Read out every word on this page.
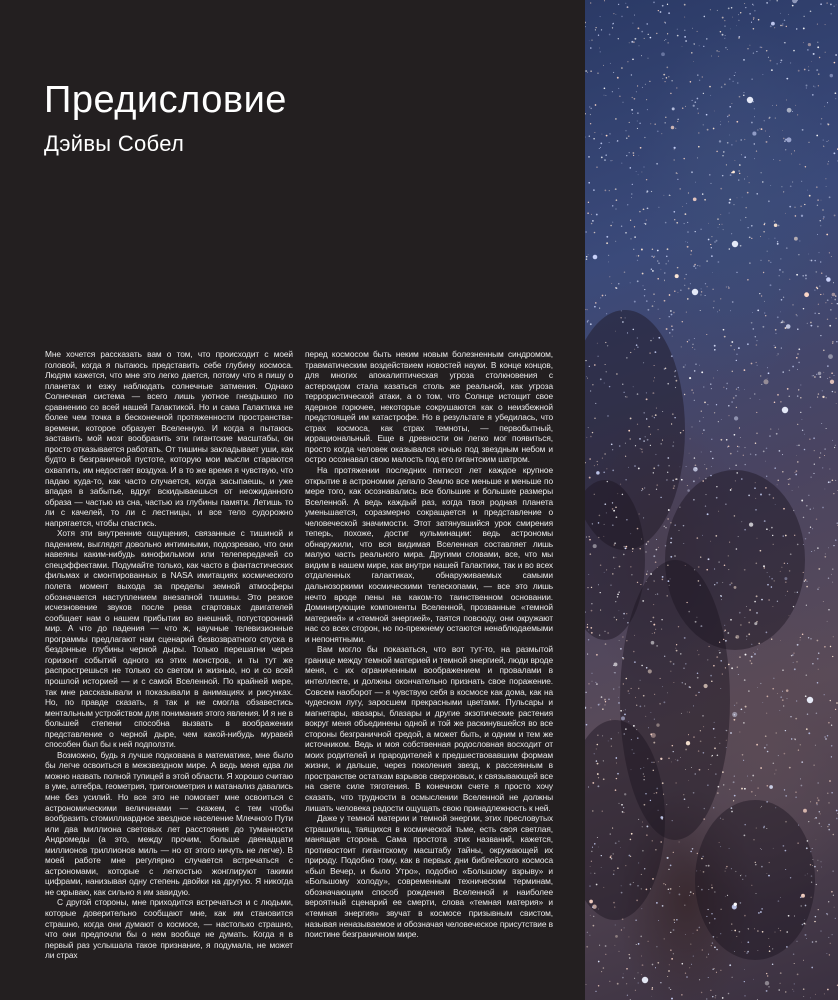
Предисловие
Дэйвы Собел

Мне хочется рассказать вам о том, что происходит с моей головой, когда я пытаюсь представить себе глубину космоса. Людям кажется, что мне это легко дается, потому что я пишу о планетах и езжу наблюдать солнечные затмения. Однако Солнечная система — всего лишь уютное гнездышко по сравнению со всей нашей Галактикой. Но и сама Галактика не более чем точка в бесконечной протяженности пространства-времени, которое образует Вселенную. И когда я пытаюсь заставить мой мозг вообразить эти гигантские масштабы, он просто отказывается работать. От тишины закладывает уши, как будто в безграничной пустоте, которую мои мысли стараются охватить, им недостает воздуха. И в то же время я чувствую, что падаю куда-то, как часто случается, когда засыпаешь, и уже впадая в забытье, вдруг вскидываешься от неожиданного образа — частью из сна, частью из глубины памяти. Летишь то ли с качелей, то ли с лестницы, и все тело судорожно напрягается, чтобы спастись.

Хотя эти внутренние ощущения, связанные с тишиной и падением, выглядят довольно интимными, подозреваю, что они навеяны каким-нибудь кинофильмом или телепередачей со спецэффектами. Подумайте только, как часто в фантастических фильмах и смонтированных в NASA имитациях космического полета момент выхода за пределы земной атмосферы обозначается наступлением внезапной тишины. Это резкое исчезновение звуков после рева стартовых двигателей сообщает нам о нашем прибытии во внешний, потусторонний мир. А что до падения — что ж, научные телевизионные программы предлагают нам сценарий безвозвратного спуска в бездонные глубины черной дыры. Только перешагни через горизонт событий одного из этих монстров, и ты тут же распрострешься не только со светом и жизнью, но и со всей прошлой историей — и с самой Вселенной. По крайней мере, так мне рассказывали и показывали в анимациях и рисунках. Но, по правде сказать, я так и не смогла обзавестись ментальным устройством для понимания этого явления. И я не в большей степени способна вызвать в воображении представление о черной дыре, чем какой-нибудь муравей способен был бы к ней подползти.

Возможно, будь я лучше подкована в математике, мне было бы легче освоиться в межзвездном мире. А ведь меня едва ли можно назвать полной тупицей в этой области. Я хорошо считаю в уме, алгебра, геометрия, тригонометрия и матанализ давались мне без усилий. Но все это не помогает мне освоиться с астрономическими величинами — скажем, с тем чтобы вообразить стомиллиардное звездное население Млечного Пути или два миллиона световых лет расстояния до туманности Андромеды (а это, между прочим, больше двенадцати миллионов триллионов миль — но от этого ничуть не легче). В моей работе мне регулярно случается встречаться с астрономами, которые с легкостью жонглируют такими цифрами, нанизывая одну степень двойки на другую. Я никогда не скрываю, как сильно я им завидую.

С другой стороны, мне приходится встречаться и с людьми, которые доверительно сообщают мне, как им становится страшно, когда они думают о космосе, — настолько страшно, что они предпочли бы о нем вообще не думать. Когда я в первый раз услышала такое признание, я подумала, не может ли страх

перед космосом быть неким новым болезненным синдромом, травматическим воздействием новостей науки. В конце концов, для многих апокалиптическая угроза столкновения с астероидом стала казаться столь же реальной, как угроза террористической атаки, а о том, что Солнце истощит свое ядерное горючее, некоторые сокрушаются как о неизбежной предстоящей им катастрофе. Но в результате я убедилась, что страх космоса, как страх темноты, — первобытный, иррациональный. Еще в древности он легко мог появиться, просто когда человек оказывался ночью под звездным небом и остро осознавал свою малость под его гигантским шатром.

На протяжении последних пятисот лет каждое крупное открытие в астрономии делало Землю все меньше и меньше по мере того, как осознавались все большие и большие размеры Вселенной. А ведь каждый раз, когда твоя родная планета уменьшается, соразмерно сокращается и представление о человеческой значимости. Этот затянувшийся урок смирения теперь, похоже, достиг кульминации: ведь астрономы обнаружили, что вся видимая Вселенная составляет лишь малую часть реального мира. Другими словами, все, что мы видим в нашем мире, как внутри нашей Галактики, так и во всех отдаленных галактиках, обнаруживаемых самыми дальнозоркими космическими телескопами, — все это лишь нечто вроде пены на каком-то таинственном основании. Доминирующие компоненты Вселенной, прозванные «темной материей» и «темной энергией», таятся повсюду, они окружают нас со всех сторон, но по-прежнему остаются ненаблюдаемыми и непонятными.

Вам могло бы показаться, что вот тут-то, на размытой границе между темной материей и темной энергией, люди вроде меня, с их ограниченным воображением и провалами в интеллекте, и должны окончательно признать свое поражение. Совсем наоборот — я чувствую себя в космосе как дома, как на чудесном лугу, заросшем прекрасными цветами. Пульсары и магнетары, квазары, блазары и другие экзотические растения вокруг меня объединены одной и той же раскинувшейся во все стороны безграничной средой, а может быть, и одним и тем же источником. Ведь и моя собственная родословная восходит от моих родителей и прародителей к предшествовавшим формам жизни, и дальше, через поколения звезд, к рассеянным в пространстве остаткам взрывов сверхновых, к связывающей все на свете силе тяготения. В конечном счете я просто хочу сказать, что трудности в осмыслении Вселенной не должны лишать человека радости ощущать свою принадлежность к ней.

Даже у темной материи и темной энергии, этих пресловутых страшилищ, таящихся в космической тьме, есть своя светлая, манящая сторона. Сама простота этих названий, кажется, противостоит гигантскому масштабу тайны, окружающей их природу. Подобно тому, как в первых дни библейского космоса «был Вечер, и было Утро», подобно «Большому взрыву» и «Большому холоду», современным техническим терминам, обозначающим способ рождения Вселенной и наиболее вероятный сценарий ее смерти, слова «темная материя» и «темная энергия» звучат в космосе призывным свистом, называя неназываемое и обозначая человеческое присутствие в поистине безграничном мире.
